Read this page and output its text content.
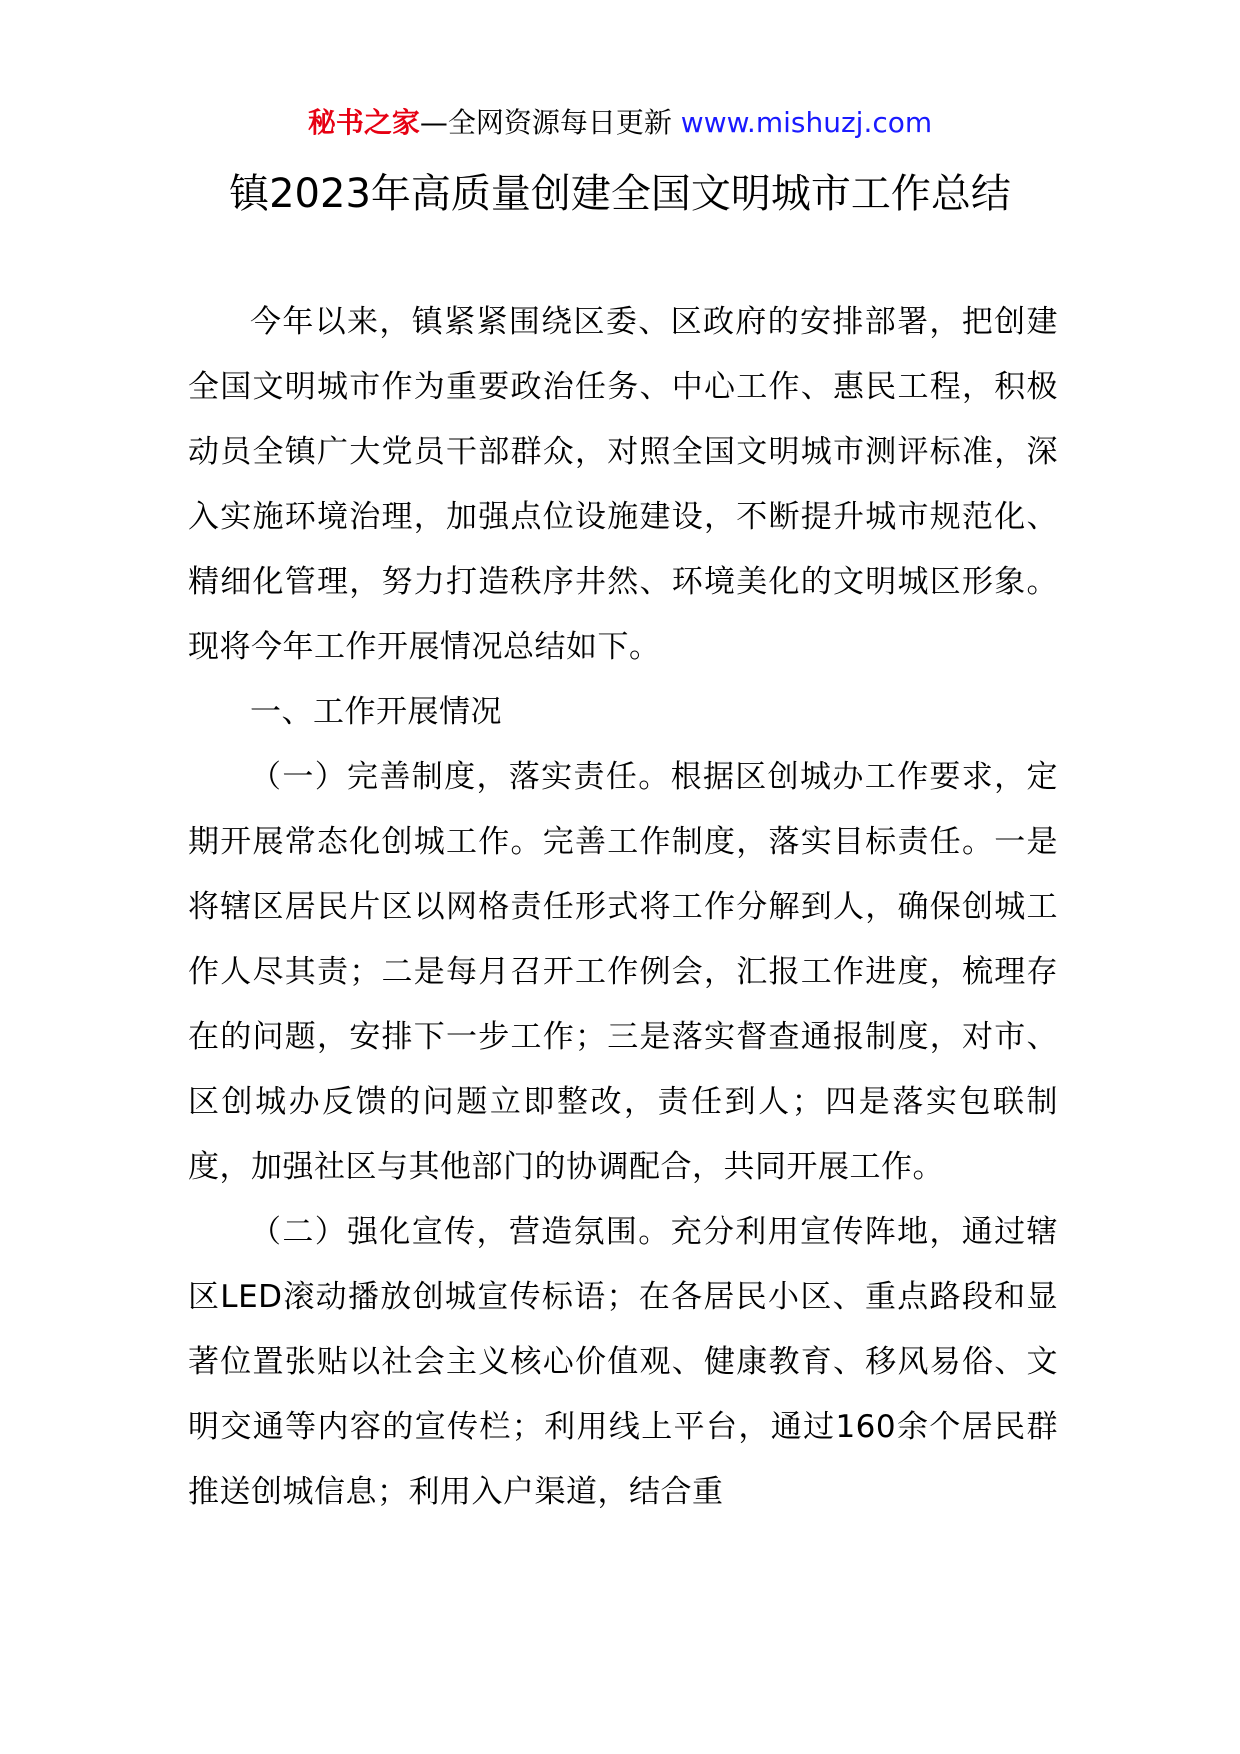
秘书之家—全网资源每日更新 www.mishuzj.com
镇2023年高质量创建全国文明城市工作总结

今年以来，镇紧紧围绕区委、区政府的安排部署，把创建全国文明城市作为重要政治任务、中心工作、惠民工程，积极动员全镇广大党员干部群众，对照全国文明城市测评标准，深入实施环境治理，加强点位设施建设，不断提升城市规范化、精细化管理，努力打造秩序井然、环境美化的文明城区形象。现将今年工作开展情况总结如下。

一、工作开展情况

（一）完善制度，落实责任。根据区创城办工作要求，定期开展常态化创城工作。完善工作制度，落实目标责任。一是将辖区居民片区以网格责任形式将工作分解到人，确保创城工作人尽其责；二是每月召开工作例会，汇报工作进度，梳理存在的问题，安排下一步工作；三是落实督查通报制度，对市、区创城办反馈的问题立即整改，责任到人；四是落实包联制度，加强社区与其他部门的协调配合，共同开展工作。

（二）强化宣传，营造氛围。充分利用宣传阵地，通过辖区LED滚动播放创城宣传标语；在各居民小区、重点路段和显著位置张贴以社会主义核心价值观、健康教育、移风易俗、文明交通等内容的宣传栏；利用线上平台，通过160余个居民群推送创城信息；利用入户渠道，结合重
